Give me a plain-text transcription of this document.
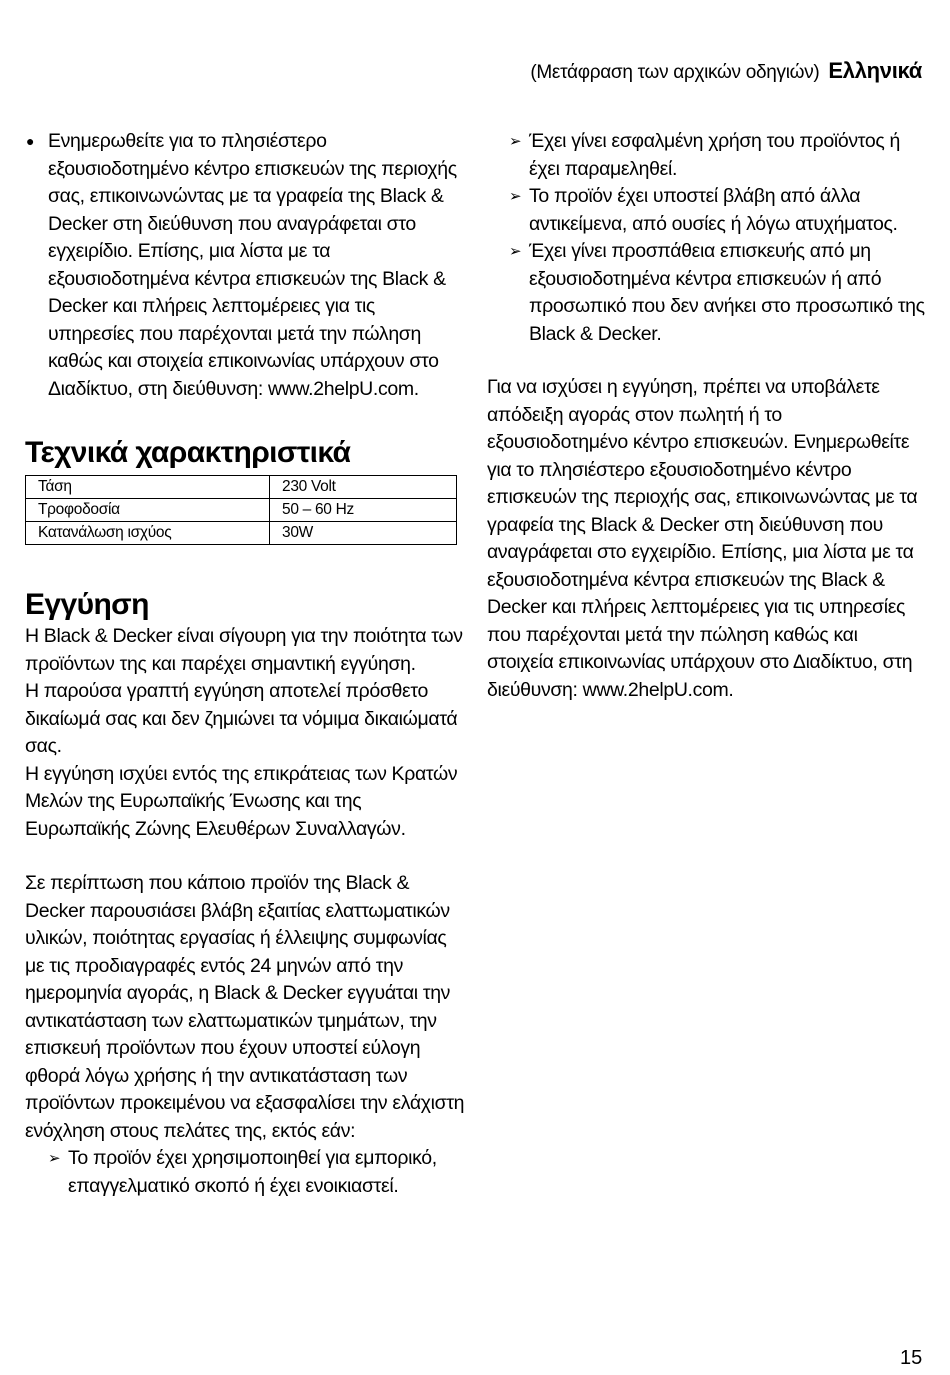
(Μετάφραση των αρχικών οδηγιών) Ελληνικά
● Ενημερωθείτε για το πλησιέστερο εξουσιοδοτημένο κέντρο επισκευών της περιοχής σας, επικοινωνώντας με τα γραφεία της Black & Decker στη διεύθυνση που αναγράφεται στο εγχειρίδιο. Επίσης, μια λίστα με τα εξουσιοδοτημένα κέντρα επισκευών της Black & Decker και πλήρεις λεπτομέρειες για τις υπηρεσίες που παρέχονται μετά την πώληση καθώς και στοιχεία επικοινωνίας υπάρχουν στο Διαδίκτυο, στη διεύθυνση: www.2helpU.com.

Τεχνικά χαρακτηριστικά
Τάση	230 Volt
Τροφοδοσία	50 – 60 Hz
Κατανάλωση ισχύος	30W
Εγγύηση

Η Black & Decker είναι σίγουρη για την ποιότητα των προϊόντων της και παρέχει σημαντική εγγύηση.

Η παρούσα γραπτή εγγύηση αποτελεί πρόσθετο δικαίωμά σας και δεν ζημιώνει τα νόμιμα δικαιώματά σας.

Η εγγύηση ισχύει εντός της επικράτειας των Κρατών Μελών της Ευρωπαϊκής Ένωσης και της Ευρωπαϊκής Ζώνης Ελευθέρων Συναλλαγών.

Σε περίπτωση που κάποιο προϊόν της Black & Decker παρουσιάσει βλάβη εξαιτίας ελαττωματικών υλικών, ποιότητας εργασίας ή έλλειψης συμφωνίας με τις προδιαγραφές εντός 24 μηνών από την ημερομηνία αγοράς, η Black & Decker εγγυάται την αντικατάσταση των ελαττωματικών τμημάτων, την επισκευή προϊόντων που έχουν υποστεί εύλογη φθορά λόγω χρήσης ή την αντικατάσταση των προϊόντων προκειμένου να εξασφαλίσει την ελάχιστη ενόχληση στους πελάτες της, εκτός εάν:

➢ Το προϊόν έχει χρησιμοποιηθεί για εμπορικό, επαγγελματικό σκοπό ή έχει ενοικιαστεί.
➢ Έχει γίνει εσφαλμένη χρήση του προϊόντος ή έχει παραμεληθεί.
➢ Το προϊόν έχει υποστεί βλάβη από άλλα αντικείμενα, από ουσίες ή λόγω ατυχήματος.
➢ Έχει γίνει προσπάθεια επισκευής από μη εξουσιοδοτημένα κέντρα επισκευών ή από προσωπικό που δεν ανήκει στο προσωπικό της Black & Decker.

Για να ισχύσει η εγγύηση, πρέπει να υποβάλετε απόδειξη αγοράς στον πωλητή ή το εξουσιοδοτημένο κέντρο επισκευών. Ενημερωθείτε για το πλησιέστερο εξουσιοδοτημένο κέντρο επισκευών της περιοχής σας, επικοινωνώντας με τα γραφεία της Black & Decker στη διεύθυνση που αναγράφεται στο εγχειρίδιο. Επίσης, μια λίστα με τα εξουσιοδοτημένα κέντρα επισκευών της Black & Decker και πλήρεις λεπτομέρειες για τις υπηρεσίες που παρέχονται μετά την πώληση καθώς και στοιχεία επικοινωνίας υπάρχουν στο Διαδίκτυο, στη διεύθυνση: www.2helpU.com.

15
